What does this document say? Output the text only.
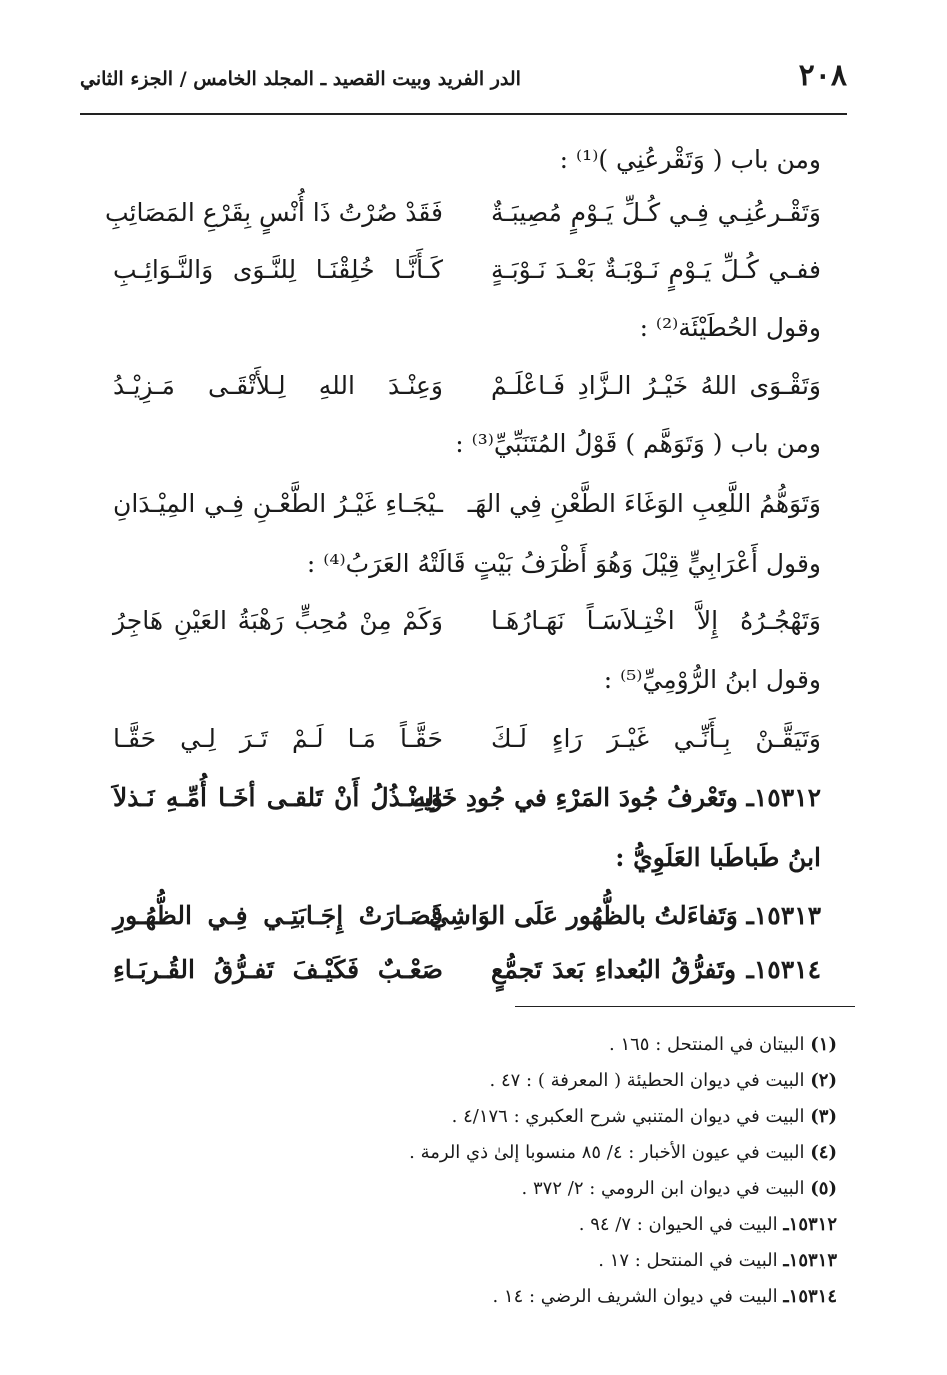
٢٠٨
الدر الفريد وبيت القصيد ـ المجلد الخامس / الجزء الثاني
ومن باب ( وَتَقْرعُنِي )⁽¹⁾ :
وَتَقْـرعُنِـي فِـي كُـلِّ يَـوْمٍ مُصِيبَـةٌ
فَقَدْ صُرْتُ ذَا أُنْسٍ بِقَرْعِ المَصَائِبِ
ففـي كُـلِّ يَـوْمٍ نَـوْبَـةٌ بَعْـدَ نَـوْبَـةٍ
كَـأَنَّـا خُلِقْنَـا لِلنَّـوَى وَالنَّـوَائِـبِ
وقول الحُطَيْئَة⁽²⁾ :
وَتَقْـوَى اللهُ خَيْـرُ الـزَّادِ فَـاعْلَـمْ
وَعِنْـدَ اللهِ لِـلأَتْقَـى مَـزِيْـدُ
ومن باب ( وَتَوَهَّم ) قَوْلُ المُتَنَبِّيِّ⁽³⁾ :
وَتَوَهُّمُ اللَّعِبِ الوَغَاءَ الطَّعْنِ فِي الهَـ
ـيْجَـاءِ غَيْـرُ الطَّعْـنِ فِـي المِيْـدَانِ
وقول أَعْرَابِيٍّ قِيْلَ وَهُوَ أَظْرَفُ بَيْتٍ قَالَتْهُ العَرَبُ⁽⁴⁾ :
وَتَهْجُـرُهُ إِلاَّ اخْتِـلاَسَـاً نَهَـارُهَـا
وَكَمْ مِنْ مُحِبٍّ رَهْبَةُ العَيْنِ هَاجِرُ
وقول ابنُ الرُّوْمِيِّ⁽⁵⁾ :
وَتَيَقَّـنْ بِـأَنِّـي غَيْـرَ رَاءٍ لَـكَ
حَقَّـاً مَـا لَـمْ تَـرَ لِـي حَقَّـا
١٥٣١٢ـ وتَعْرفُ جُودَ المَرْءِ في جُودِ خَالِهِ
وَيـنْـذُلُ أَنْ تَلقـى أخَـا أُمِّـهِ نَـذلاَ
ابنُ طَباطَبا العَلَوِيُّ :
١٥٣١٣ـ وَتَفاءَلتُ بالظُّهُور عَلَى الوَاشِيْ
فَصَـارَتْ إِجَـابَتِـي فِـي الظُّهُـورِ
١٥٣١٤ـ وتَفرُّقُ البُعداءِ بَعدَ تَجمُّعٍ
صَعْـبٌ فَكَيْـفَ تَفـرُّقُ القُـربَـاءِ
(١) البيتان في المنتحل : ١٦٥ .
(٢) البيت في ديوان الحطيئة ( المعرفة ) : ٤٧ .
(٣) البيت في ديوان المتنبي شرح العكبري : ٤/١٧٦ .
(٤) البيت في عيون الأخبار : ٤/ ٨٥ منسوبا إلىٰ ذي الرمة .
(٥) البيت في ديوان ابن الرومي : ٢/ ٣٧٢ .
١٥٣١٢ـ البيت في الحيوان : ٧/ ٩٤ .
١٥٣١٣ـ البيت في المنتحل : ١٧ .
١٥٣١٤ـ البيت في ديوان الشريف الرضي : ١٤ .
